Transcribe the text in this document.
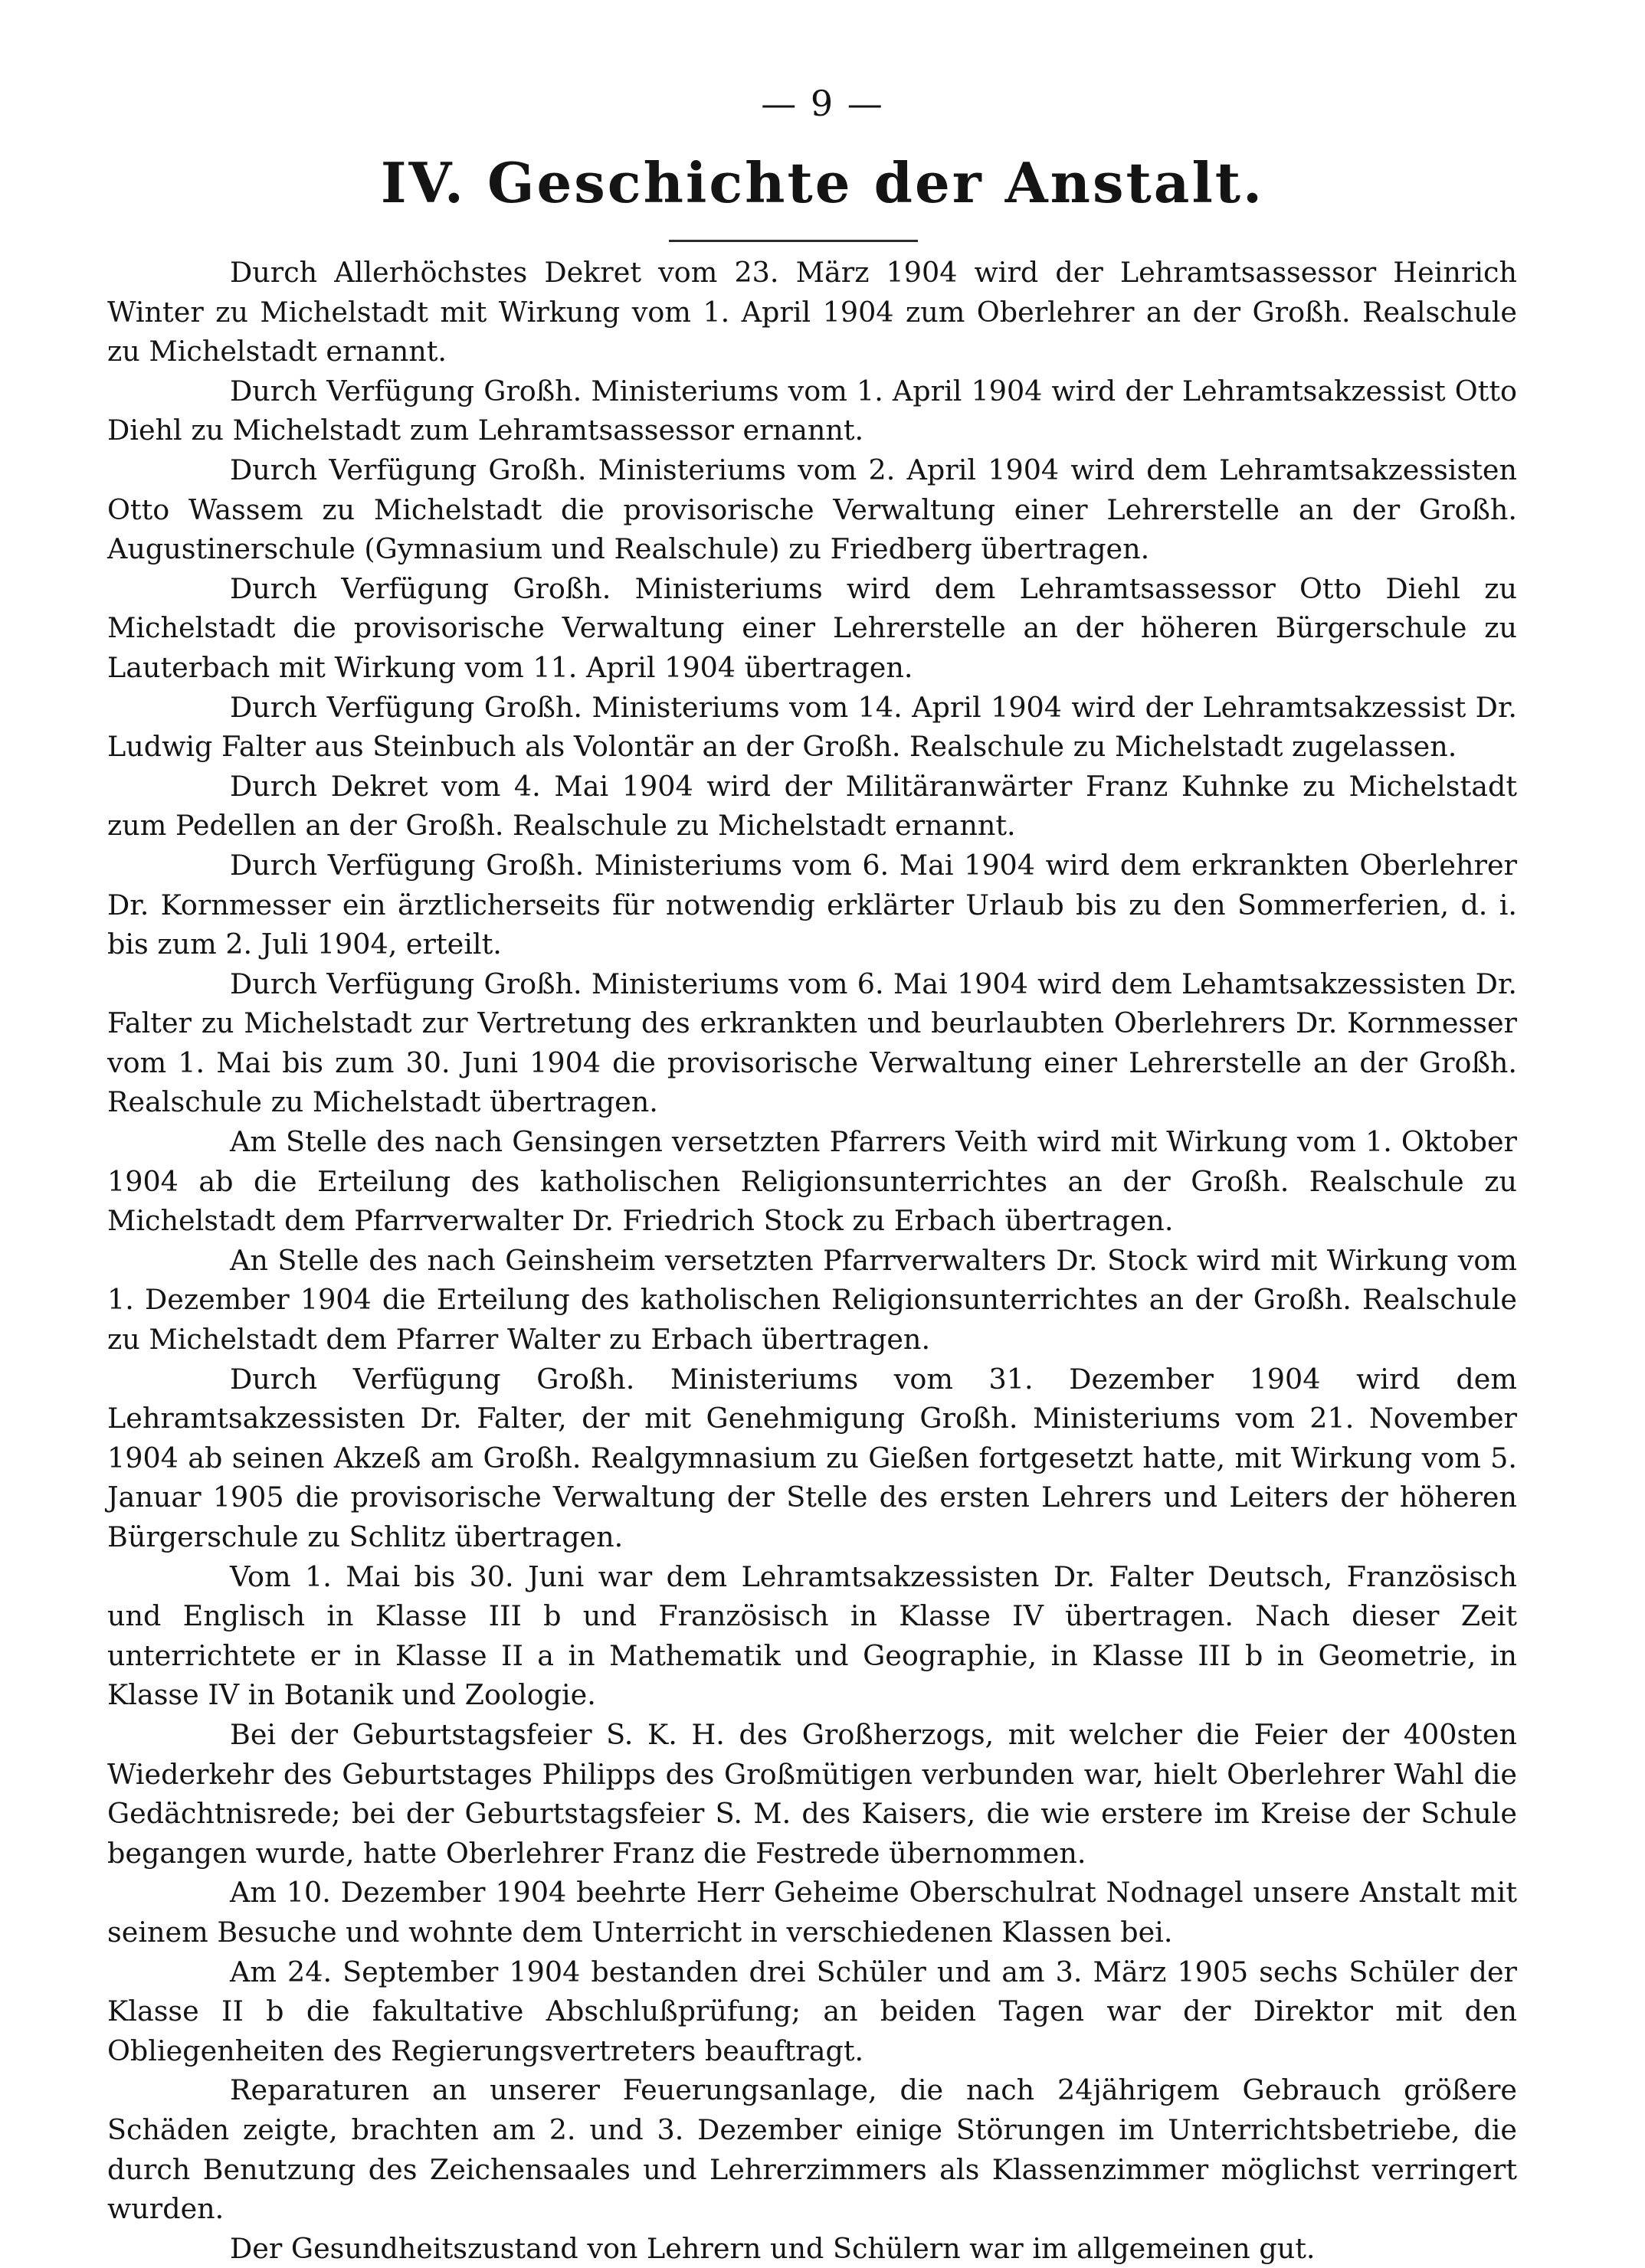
— 9 —
IV. Geschichte der Anstalt.

Durch Allerhöchstes Dekret vom 23. März 1904 wird der Lehramtsassessor Heinrich Winter zu Michelstadt mit Wirkung vom 1. April 1904 zum Oberlehrer an der Großh. Realschule zu Michelstadt ernannt.

Durch Verfügung Großh. Ministeriums vom 1. April 1904 wird der Lehramtsakzessist Otto Diehl zu Michelstadt zum Lehramtsassessor ernannt.

Durch Verfügung Großh. Ministeriums vom 2. April 1904 wird dem Lehramtsakzessisten Otto Wassem zu Michelstadt die provisorische Verwaltung einer Lehrerstelle an der Großh. Augustinerschule (Gymnasium und Realschule) zu Friedberg übertragen.

Durch Verfügung Großh. Ministeriums wird dem Lehramtsassessor Otto Diehl zu Michelstadt die provisorische Verwaltung einer Lehrerstelle an der höheren Bürgerschule zu Lauterbach mit Wirkung vom 11. April 1904 übertragen.

Durch Verfügung Großh. Ministeriums vom 14. April 1904 wird der Lehramtsakzessist Dr. Ludwig Falter aus Steinbuch als Volontär an der Großh. Realschule zu Michelstadt zugelassen.

Durch Dekret vom 4. Mai 1904 wird der Militäranwärter Franz Kuhnke zu Michelstadt zum Pedellen an der Großh. Realschule zu Michelstadt ernannt.

Durch Verfügung Großh. Ministeriums vom 6. Mai 1904 wird dem erkrankten Oberlehrer Dr. Kornmesser ein ärztlicherseits für notwendig erklärter Urlaub bis zu den Sommerferien, d. i. bis zum 2. Juli 1904, erteilt.

Durch Verfügung Großh. Ministeriums vom 6. Mai 1904 wird dem Lehamtsakzessisten Dr. Falter zu Michelstadt zur Vertretung des erkrankten und beurlaubten Oberlehrers Dr. Kornmesser vom 1. Mai bis zum 30. Juni 1904 die provisorische Verwaltung einer Lehrerstelle an der Großh. Realschule zu Michelstadt übertragen.

Am Stelle des nach Gensingen versetzten Pfarrers Veith wird mit Wirkung vom 1. Oktober 1904 ab die Erteilung des katholischen Religionsunterrichtes an der Großh. Realschule zu Michelstadt dem Pfarrverwalter Dr. Friedrich Stock zu Erbach übertragen.

An Stelle des nach Geinsheim versetzten Pfarrverwalters Dr. Stock wird mit Wirkung vom 1. Dezember 1904 die Erteilung des katholischen Religionsunterrichtes an der Großh. Realschule zu Michelstadt dem Pfarrer Walter zu Erbach übertragen.

Durch Verfügung Großh. Ministeriums vom 31. Dezember 1904 wird dem Lehramtsakzessisten Dr. Falter, der mit Genehmigung Großh. Ministeriums vom 21. November 1904 ab seinen Akzeß am Großh. Realgymnasium zu Gießen fortgesetzt hatte, mit Wirkung vom 5. Januar 1905 die provisorische Verwaltung der Stelle des ersten Lehrers und Leiters der höheren Bürgerschule zu Schlitz übertragen.

Vom 1. Mai bis 30. Juni war dem Lehramtsakzessisten Dr. Falter Deutsch, Französisch und Englisch in Klasse III b und Französisch in Klasse IV übertragen. Nach dieser Zeit unterrichtete er in Klasse II a in Mathematik und Geographie, in Klasse III b in Geometrie, in Klasse IV in Botanik und Zoologie.

Bei der Geburtstagsfeier S. K. H. des Großherzogs, mit welcher die Feier der 400sten Wiederkehr des Geburtstages Philipps des Großmütigen verbunden war, hielt Oberlehrer Wahl die Gedächtnisrede; bei der Geburtstagsfeier S. M. des Kaisers, die wie erstere im Kreise der Schule begangen wurde, hatte Oberlehrer Franz die Festrede übernommen.

Am 10. Dezember 1904 beehrte Herr Geheime Oberschulrat Nodnagel unsere Anstalt mit seinem Besuche und wohnte dem Unterricht in verschiedenen Klassen bei.

Am 24. September 1904 bestanden drei Schüler und am 3. März 1905 sechs Schüler der Klasse II b die fakultative Abschlußprüfung; an beiden Tagen war der Direktor mit den Obliegenheiten des Regierungsvertreters beauftragt.

Reparaturen an unserer Feuerungsanlage, die nach 24jährigem Gebrauch größere Schäden zeigte, brachten am 2. und 3. Dezember einige Störungen im Unterrichtsbetriebe, die durch Benutzung des Zeichensaales und Lehrerzimmers als Klassenzimmer möglichst verringert wurden.

Der Gesundheitszustand von Lehrern und Schülern war im allgemeinen gut.
